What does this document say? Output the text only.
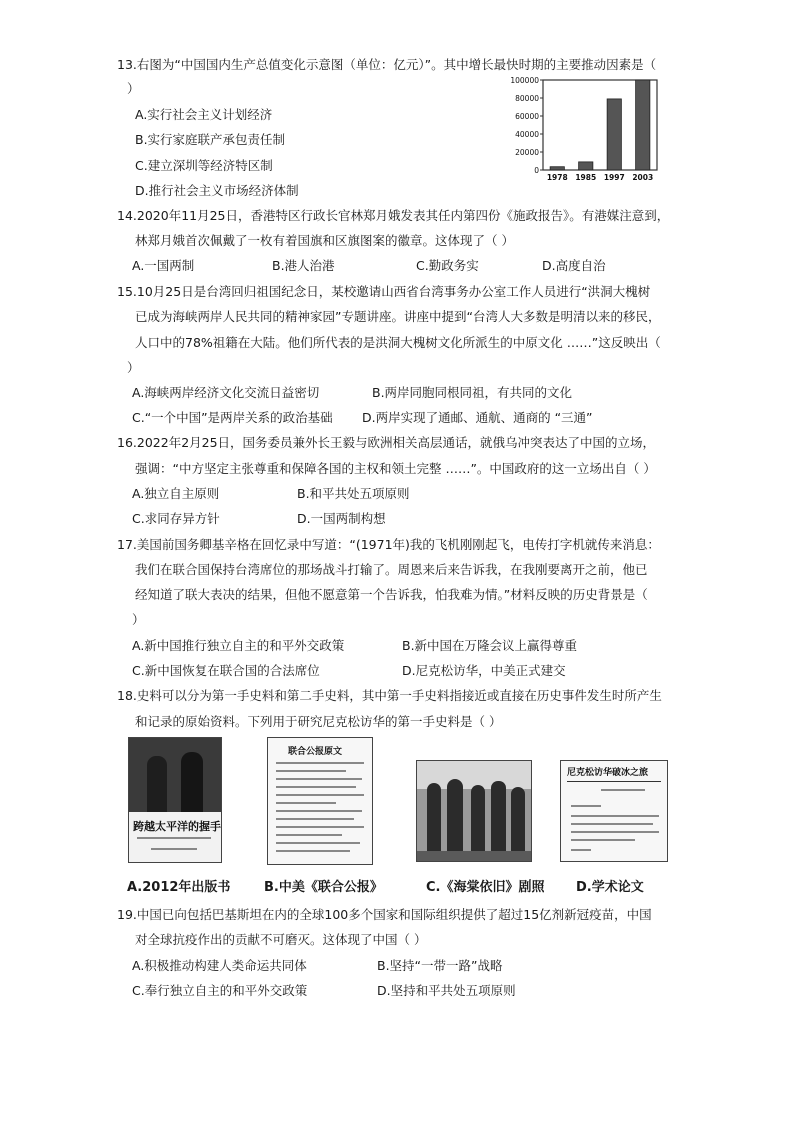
13.右图为“中国国内生产总值变化示意图（单位：亿元）”。其中增长最快时期的主要推动因素是（
）
A.实行社会主义计划经济
B.实行家庭联产承包责任制
C.建立深圳等经济特区制
D.推行社会主义市场经济体制
0
20000
40000
60000
80000
100000
1978 1985 1997 2003
14.2020年11月25日，香港特区行政长官林郑月娥发表其任内第四份《施政报告》。有港媒注意到，
林郑月娥首次佩戴了一枚有着国旗和区旗图案的徽章。这体现了（ ）
A.一国两制	B.港人治港	C.勤政务实	D.高度自治
15.10月25日是台湾回归祖国纪念日，某校邀请山西省台湾事务办公室工作人员进行“洪洞大槐树
已成为海峡两岸人民共同的精神家园”专题讲座。讲座中提到“台湾人大多数是明清以来的移民，
人口中的78%祖籍在大陆。他们所代表的是洪洞大槐树文化所派生的中原文化 ……”这反映出（
）
A.海峡两岸经济文化交流日益密切	B.两岸同胞同根同祖，有共同的文化
C.“一个中国”是两岸关系的政治基础 D.两岸实现了通邮、通航、通商的 “三通”
16.2022年2月25日，国务委员兼外长王毅与欧洲相关高层通话，就俄乌冲突表达了中国的立场，
强调：“中方坚定主张尊重和保障各国的主权和领土完整 ……”。中国政府的这一立场出自（ ）
A.独立自主原则	B.和平共处五项原则
C.求同存异方针	D.一国两制构想
17.美国前国务卿基辛格在回忆录中写道：“(1971年)我的飞机刚刚起飞，电传打字机就传来消息：
我们在联合国保持台湾席位的那场战斗打输了。周恩来后来告诉我，在我刚要离开之前，他已
经知道了联大表决的结果，但他不愿意第一个告诉我，怕我难为情。”材料反映的历史背景是（
）
A.新中国推行独立自主的和平外交政策	B.新中国在万隆会议上赢得尊重
C.新中国恢复在联合国的合法席位	D.尼克松访华，中美正式建交
18.史料可以分为第一手史料和第二手史料，其中第一手史料指接近或直接在历史事件发生时所产生
和记录的原始资料。下列用于研究尼克松访华的第一手史料是（ ）
跨越太平洋的握手
联合公报原文
尼克松访华破冰之旅
A.2012年出版书	B.中美《联合公报》	C.《海棠依旧》剧照 D.学术论文
19.中国已向包括巴基斯坦在内的全球100多个国家和国际组织提供了超过15亿剂新冠疫苗，中国
对全球抗疫作出的贡献不可磨灭。这体现了中国（ ）
A.积极推动构建人类命运共同体	B.坚持“一带一路”战略
C.奉行独立自主的和平外交政策	D.坚持和平共处五项原则
